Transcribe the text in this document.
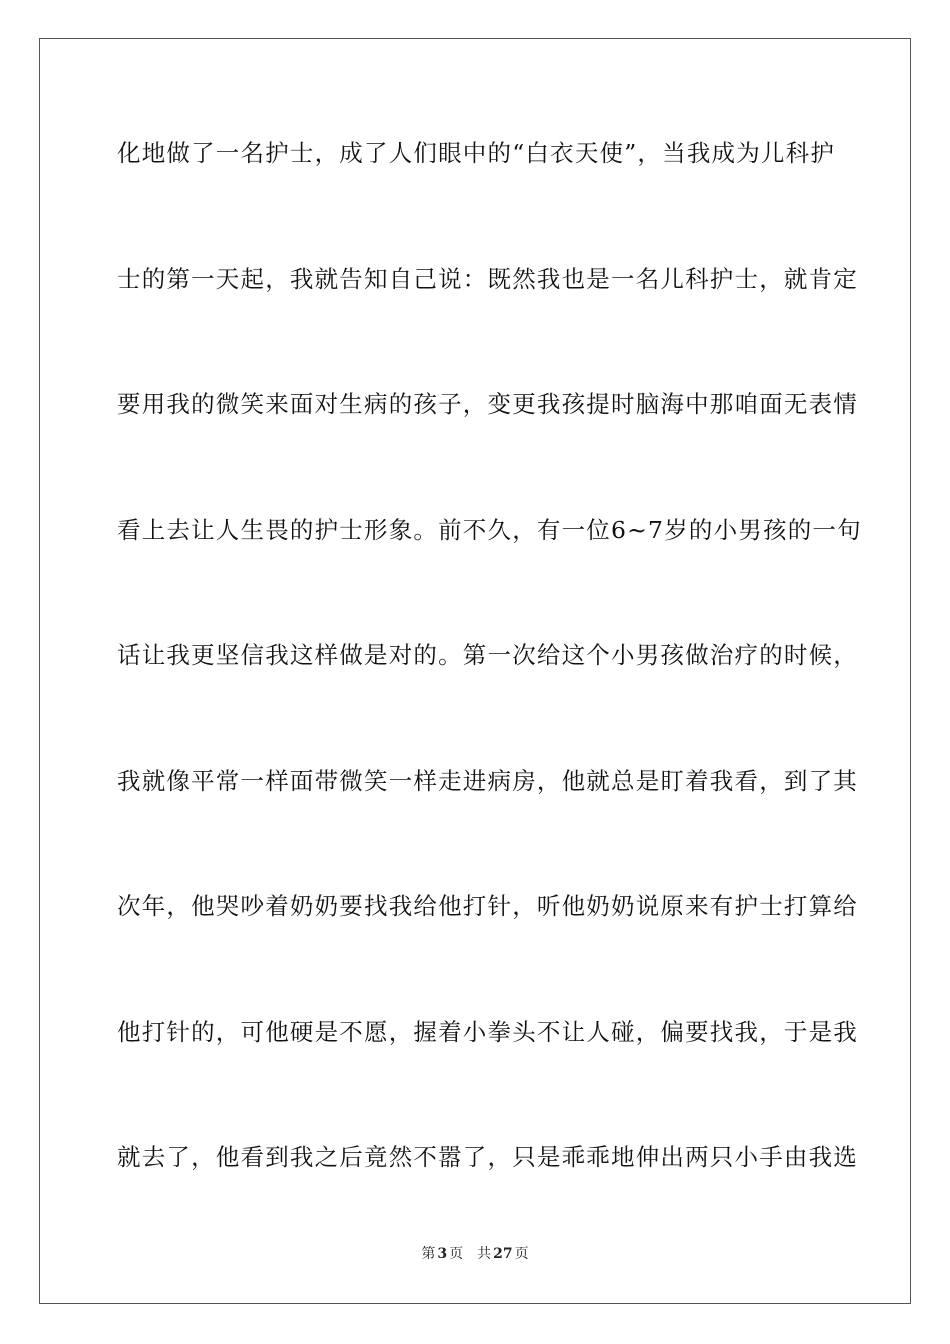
化地做了一名护士，成了人们眼中的“白衣天使”，当我成为儿科护
士的第一天起，我就告知自己说：既然我也是一名儿科护士，就肯定
要用我的微笑来面对生病的孩子，变更我孩提时脑海中那咱面无表情
看上去让人生畏的护士形象。前不久，有一位6~7岁的小男孩的一句
话让我更坚信我这样做是对的。第一次给这个小男孩做治疗的时候，
我就像平常一样面带微笑一样走进病房，他就总是盯着我看，到了其
次年，他哭吵着奶奶要找我给他打针，听他奶奶说原来有护士打算给
他打针的，可他硬是不愿，握着小拳头不让人碰，偏要找我，于是我
就去了，他看到我之后竟然不嚣了，只是乖乖地伸出两只小手由我选
第 3 页 共 27 页
